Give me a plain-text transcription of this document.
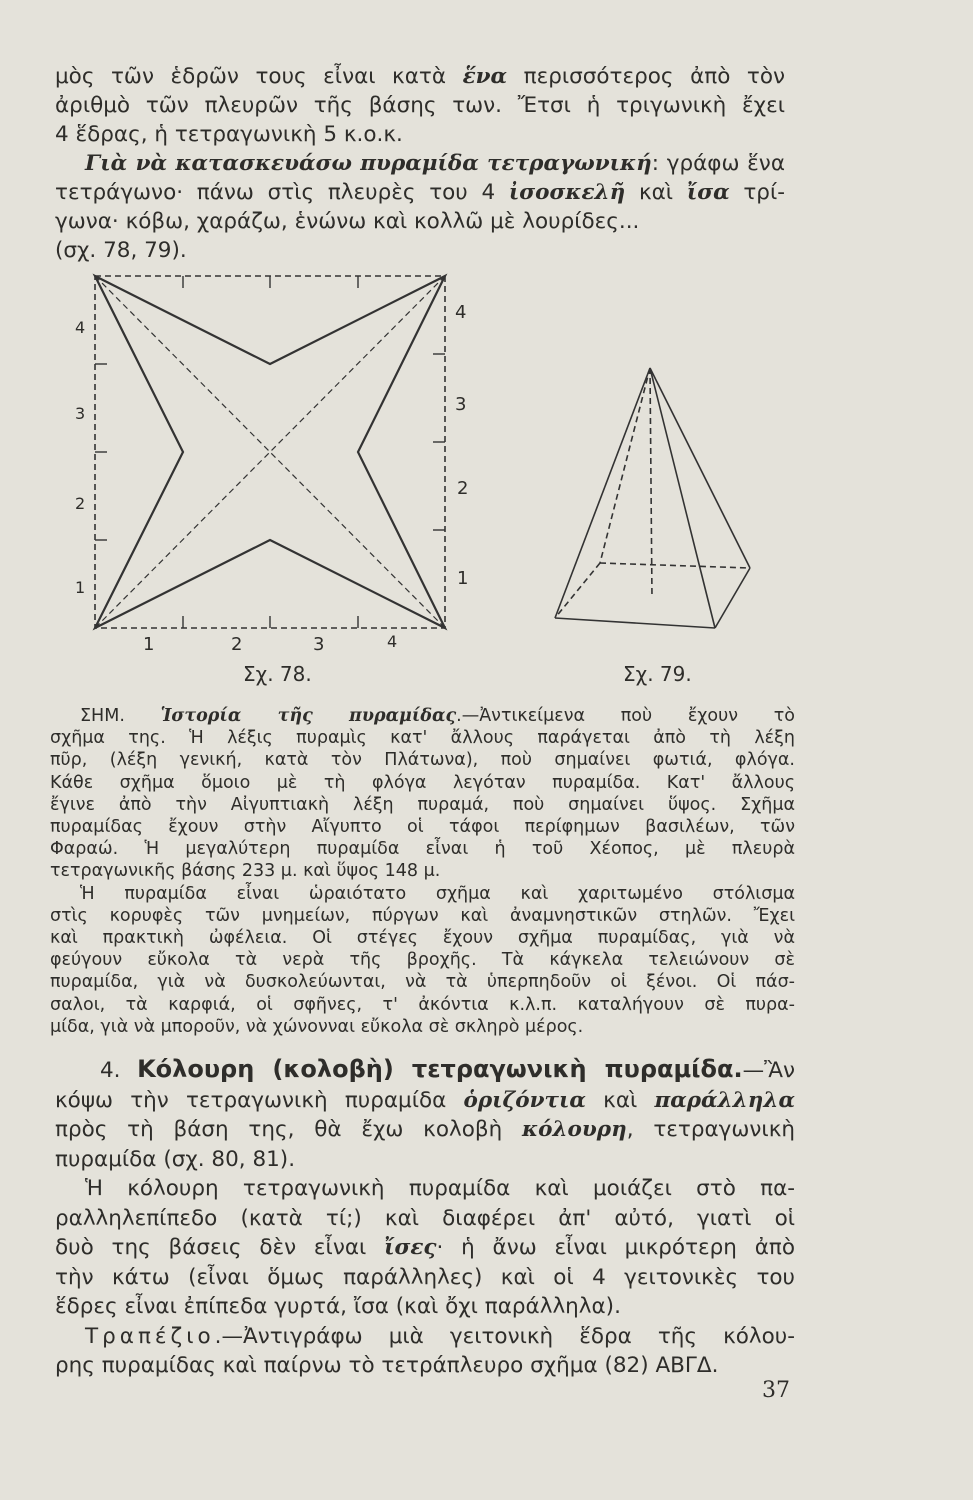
μὸς τῶν ἑδρῶν τους εἶναι κατὰ ἕνα περισσότερος ἀπὸ τὸν
ἀριθμὸ τῶν πλευρῶν τῆς βάσης των. Ἔτσι ἡ τριγωνικὴ ἔχει
4 ἕδρας, ἡ τετραγωνικὴ 5 κ.ο.κ.
Γιὰ νὰ κατασκευάσω πυραμίδα τετραγωνική: γράφω ἕνα
τετράγωνο· πάνω στὶς πλευρὲς του 4 ἰσοσκελῆ καὶ ἴσα τρί-
γωνα· κόβω, χαράζω, ἑνώνω καὶ κολλῶ μὲ λουρίδες...
(σχ. 78, 79).
4
3
2
1
4
3
2
1
1	2	3	4
Σχ. 78.	Σχ. 79.
ΣΗΜ. Ἱστορία τῆς πυραμίδας.—Ἀντικείμενα ποὺ ἔχουν τὸ
σχῆμα της. Ἡ λέξις πυραμὶς κατ' ἄλλους παράγεται ἀπὸ τὴ λέξη
πῦρ, (λέξη γενική, κατὰ τὸν Πλάτωνα), ποὺ σημαίνει φωτιά, φλόγα.
Κάθε σχῆμα ὅμοιο μὲ τὴ φλόγα λεγόταν πυραμίδα. Κατ' ἄλλους
ἔγινε ἀπὸ τὴν Αἰγυπτιακὴ λέξη πυραμά, ποὺ σημαίνει ὕψος. Σχῆμα
πυραμίδας ἔχουν στὴν Αἴγυπτο οἱ τάφοι περίφημων βασιλέων, τῶν
Φαραώ. Ἡ μεγαλύτερη πυραμίδα εἶναι ἡ τοῦ Χέοπος, μὲ πλευρὰ
τετραγωνικῆς βάσης 233 μ. καὶ ὕψος 148 μ.
Ἡ πυραμίδα εἶναι ὡραιότατο σχῆμα καὶ χαριτωμένο στόλισμα
στὶς κορυφὲς τῶν μνημείων, πύργων καὶ ἀναμνηστικῶν στηλῶν. Ἔχει
καὶ πρακτικὴ ὠφέλεια. Οἱ στέγες ἔχουν σχῆμα πυραμίδας, γιὰ νὰ
φεύγουν εὔκολα τὰ νερὰ τῆς βροχῆς. Τὰ κάγκελα τελειώνουν σὲ
πυραμίδα, γιὰ νὰ δυσκολεύωνται, νὰ τὰ ὑπερπηδοῦν οἱ ξένοι. Οἱ πάσ-
σαλοι, τὰ καρφιά, οἱ σφῆνες, τ' ἀκόντια κ.λ.π. καταλήγουν σὲ πυρα-
μίδα, γιὰ νὰ μποροῦν, νὰ χώνονναι εὔκολα σὲ σκληρὸ μέρος.
4. Κόλουρη (κολοβὴ) τετραγωνικὴ πυραμίδα.—Ἂν
κόψω τὴν τετραγωνικὴ πυραμίδα ὁριζόντια καὶ παράλληλα
πρὸς τὴ βάση της, θὰ ἔχω κολοβὴ κόλουρη, τετραγωνικὴ
πυραμίδα (σχ. 80, 81).
Ἡ κόλουρη τετραγωνικὴ πυραμίδα καὶ μοιάζει στὸ πα-
ραλληλεπίπεδο (κατὰ τί;) καὶ διαφέρει ἀπ' αὐτό, γιατὶ οἱ
δυὸ της βάσεις δὲν εἶναι ἴσες· ἡ ἄνω εἶναι μικρότερη ἀπὸ
τὴν κάτω (εἶναι ὅμως παράλληλες) καὶ οἱ 4 γειτονικὲς του
ἕδρες εἶναι ἐπίπεδα γυρτά, ἴσα (καὶ ὄχι παράλληλα).
Τραπέζιο.—Ἀντιγράφω μιὰ γειτονικὴ ἕδρα τῆς κόλου-
ρης πυραμίδας καὶ παίρνω τὸ τετράπλευρο σχῆμα (82) ΑΒΓΔ.
37
